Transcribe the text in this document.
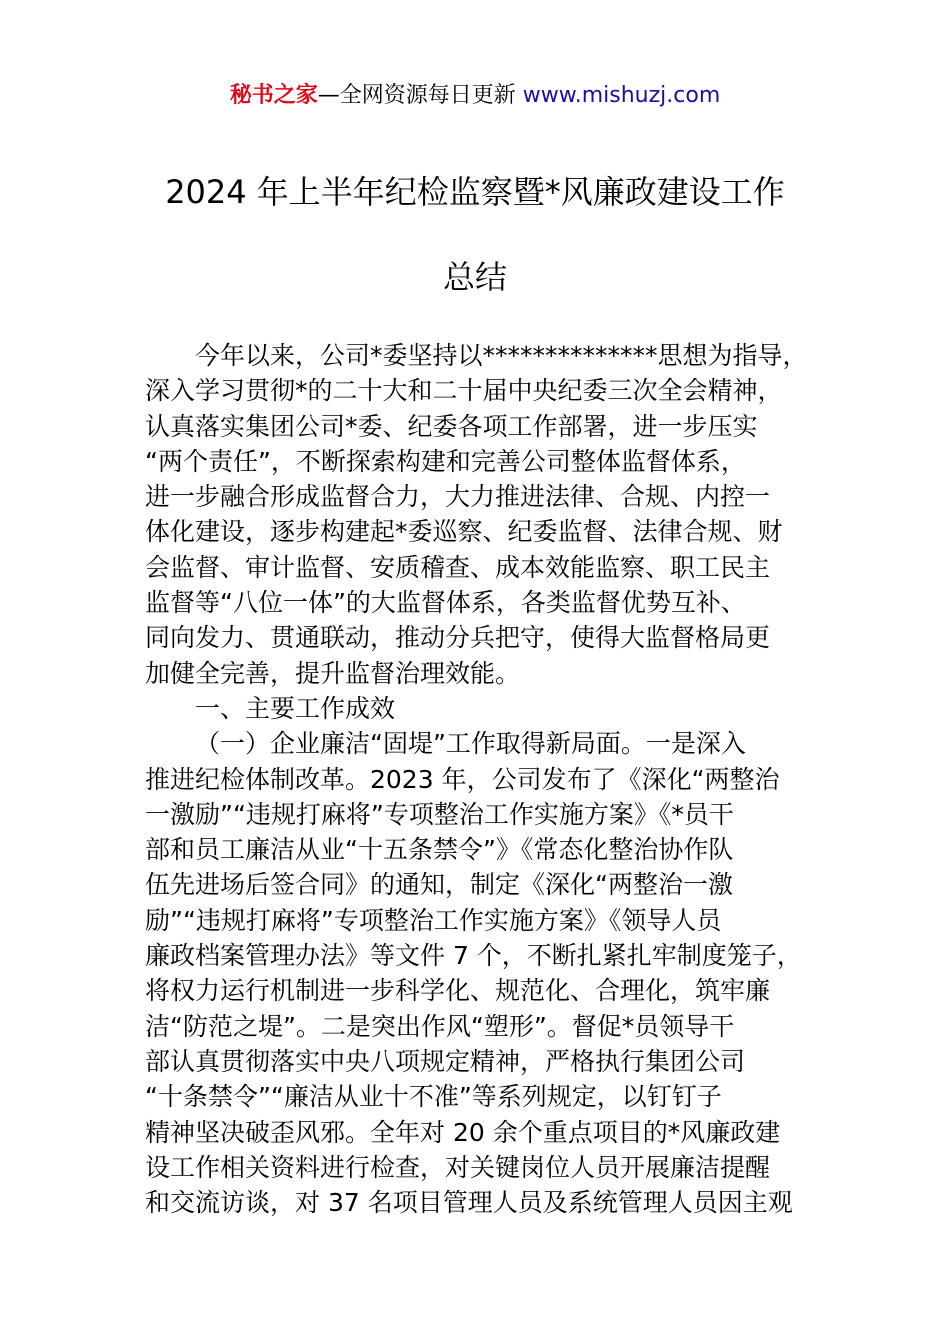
秘书之家—全网资源每日更新 www.mishuzj.com
2024 年上半年纪检监察暨*风廉政建设工作
总结
今年以来，公司*委坚持以**************思想为指导，
深入学习贯彻*的二十大和二十届中央纪委三次全会精神，
认真落实集团公司*委、纪委各项工作部署，进一步压实
“两个责任”，不断探索构建和完善公司整体监督体系，
进一步融合形成监督合力，大力推进法律、合规、内控一
体化建设，逐步构建起*委巡察、纪委监督、法律合规、财
会监督、审计监督、安质稽查、成本效能监察、职工民主
监督等“八位一体”的大监督体系，各类监督优势互补、
同向发力、贯通联动，推动分兵把守，使得大监督格局更
加健全完善，提升监督治理效能。
一、主要工作成效
（一）企业廉洁“固堤”工作取得新局面。一是深入
推进纪检体制改革。2023 年，公司发布了《深化“两整治
一激励”“违规打麻将”专项整治工作实施方案》《*员干
部和员工廉洁从业“十五条禁令”》《常态化整治协作队
伍先进场后签合同》的通知，制定《深化“两整治一激
励”“违规打麻将”专项整治工作实施方案》《领导人员
廉政档案管理办法》等文件 7 个，不断扎紧扎牢制度笼子，
将权力运行机制进一步科学化、规范化、合理化，筑牢廉
洁“防范之堤”。二是突出作风“塑形”。督促*员领导干
部认真贯彻落实中央八项规定精神，严格执行集团公司
“十条禁令”“廉洁从业十不准”等系列规定，以钉钉子
精神坚决破歪风邪。全年对 20 余个重点项目的*风廉政建
设工作相关资料进行检查，对关键岗位人员开展廉洁提醒
和交流访谈，对 37 名项目管理人员及系统管理人员因主观
